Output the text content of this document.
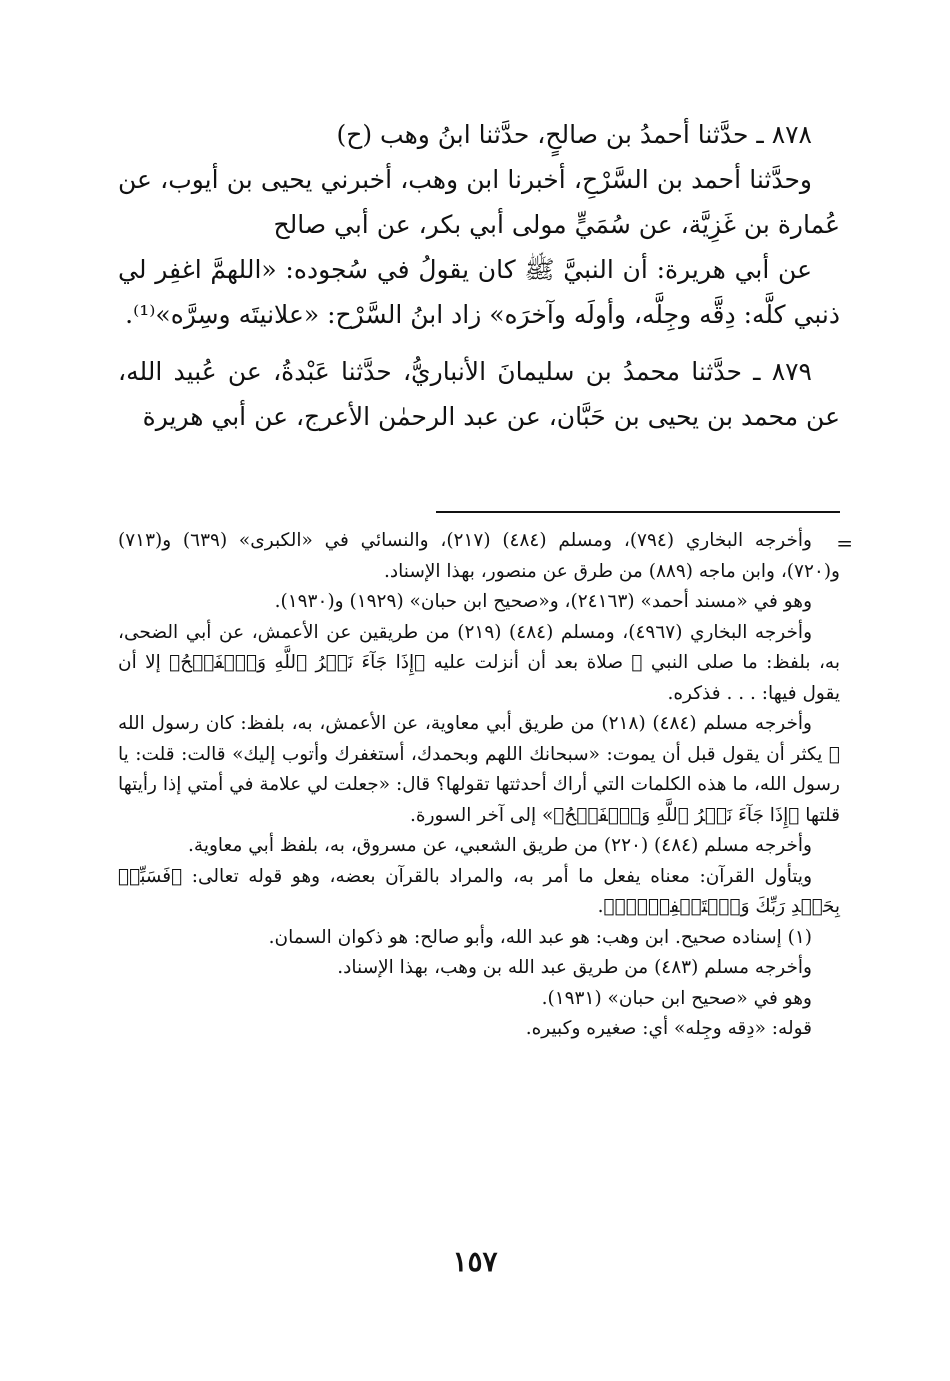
٨٧٨ ـ حدَّثنا أحمدُ بن صالحٍ، حدَّثنا ابنُ وهب (ح)

وحدَّثنا أحمد بن السَّرْحِ، أخبرنا ابن وهب، أخبرني يحيى بن أيوب، عن عُمارة بن غَزِيَّة، عن سُمَيٍّ مولى أبي بكر، عن أبي صالح

عن أبي هريرة: أن النبيَّ ﷺ كان يقولُ في سُجوده: «اللهمَّ اغفِر لي ذنبي كلَّه: دِقَّه وجِلَّه، وأولَه وآخرَه» زاد ابنُ السَّرْح: «علانيتَه وسِرَّه»⁽¹⁾.

٨٧٩ ـ حدَّثنا محمدُ بن سليمانَ الأنباريُّ، حدَّثنا عَبْدةُ، عن عُبيد الله، عن محمد بن يحيى بن حَبَّان، عن عبد الرحمٰن الأعرج، عن أبي هريرة

=

وأخرجه البخاري (٧٩٤)، ومسلم (٤٨٤) (٢١٧)، والنسائي في «الكبرى» (٦٣٩) و(٧١٣) و(٧٢٠)، وابن ماجه (٨٨٩) من طرق عن منصور، بهذا الإسناد.

وهو في «مسند أحمد» (٢٤١٦٣)، و«صحيح ابن حبان» (١٩٢٩) و(١٩٣٠).

وأخرجه البخاري (٤٩٦٧)، ومسلم (٤٨٤) (٢١٩) من طريقين عن الأعمش، عن أبي الضحى، به، بلفظ: ما صلى النبي ﷺ صلاة بعد أن أنزلت عليه ﴿إِذَا جَآءَ نَصۡرُ ٱللَّهِ وَٱلۡفَتۡحُ﴾ إلا أن يقول فيها: . . . فذكره.

وأخرجه مسلم (٤٨٤) (٢١٨) من طريق أبي معاوية، عن الأعمش، به، بلفظ: كان رسول الله ﷺ يكثر أن يقول قبل أن يموت: «سبحانك اللهم وبحمدك، أستغفرك وأتوب إليك» قالت: قلت: يا رسول الله، ما هذه الكلمات التي أراك أحدثتها تقولها؟ قال: «جعلت لي علامة في أمتي إذا رأيتها قلتها ﴿إِذَا جَآءَ نَصۡرُ ٱللَّهِ وَٱلۡفَتۡحُ﴾» إلى آخر السورة.

وأخرجه مسلم (٤٨٤) (٢٢٠) من طريق الشعبي، عن مسروق، به، بلفظ أبي معاوية.

ويتأول القرآن: معناه يفعل ما أمر به، والمراد بالقرآن بعضه، وهو قوله تعالى: ﴿فَسَبِّحۡ بِحَمۡدِ رَبِّكَ وَٱسۡتَغۡفِرۡهُۚ﴾.

(١) إسناده صحيح. ابن وهب: هو عبد الله، وأبو صالح: هو ذكوان السمان.

وأخرجه مسلم (٤٨٣) من طريق عبد الله بن وهب، بهذا الإسناد.

وهو في «صحيح ابن حبان» (١٩٣١).

قوله: «دِقه وجِله» أي: صغيره وكبيره.

١٥٧
